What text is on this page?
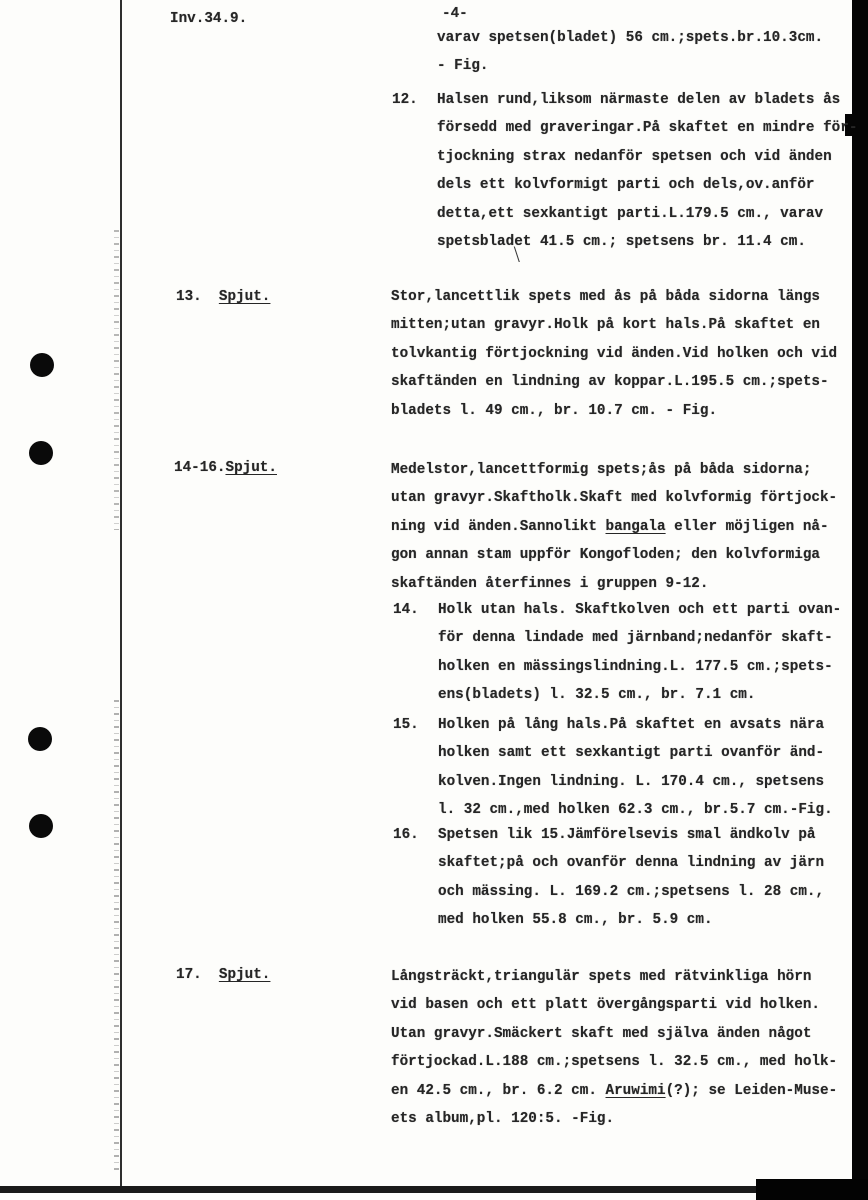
Inv.34.9.	-4-
13.  Spjut.
14-16.Spjut.
17.  Spjut.
varav spetsen(bladet) 56 cm.;spets.br.10.3cm.
- Fig.
12. Halsen rund,liksom närmaste delen av bladets ås
försedd med graveringar.På skaftet en mindre för-
tjockning strax nedanför spetsen och vid änden
dels ett kolvformigt parti och dels,ov.anför
detta,ett sexkantigt parti.L.179.5 cm., varav
spetsbladet 41.5 cm.; spetsens br. 11.4 cm.
Stor,lancettlik spets med ås på båda sidorna längs
mitten;utan gravyr.Holk på kort hals.På skaftet en
tolvkantig förtjockning vid änden.Vid holken och vid
skaftänden en lindning av koppar.L.195.5 cm.;spets-
bladets l. 49 cm., br. 10.7 cm. - Fig.
Medelstor,lancettformig spets;ås på båda sidorna;
utan gravyr.Skaftholk.Skaft med kolvformig förtjock-
ning vid änden.Sannolikt bangala eller möjligen nå-
gon annan stam uppför Kongofloden; den kolvformiga
skaftänden återfinnes i gruppen 9-12.
14. Holk utan hals. Skaftkolven och ett parti ovan-
för denna lindade med järnband;nedanför skaft-
holken en mässingslindning.L. 177.5 cm.;spets-
ens(bladets) l. 32.5 cm., br. 7.1 cm.
15. Holken på lång hals.På skaftet en avsats nära
holken samt ett sexkantigt parti ovanför änd-
kolven.Ingen lindning. L. 170.4 cm., spetsens
l. 32 cm.,med holken 62.3 cm., br.5.7 cm.-Fig.
16. Spetsen lik 15.Jämförelsevis smal ändkolv på
skaftet;på och ovanför denna lindning av järn
och mässing. L. 169.2 cm.;spetsens l. 28 cm.,
med holken 55.8 cm., br. 5.9 cm.
Långsträckt,triangulär spets med rätvinkliga hörn
vid basen och ett platt övergångsparti vid holken.
Utan gravyr.Smäckert skaft med själva änden något
förtjockad.L.188 cm.;spetsens l. 32.5 cm., med holk-
en 42.5 cm., br. 6.2 cm. Aruwimi(?); se Leiden-Muse-
ets album,pl. 120:5. -Fig.
\
